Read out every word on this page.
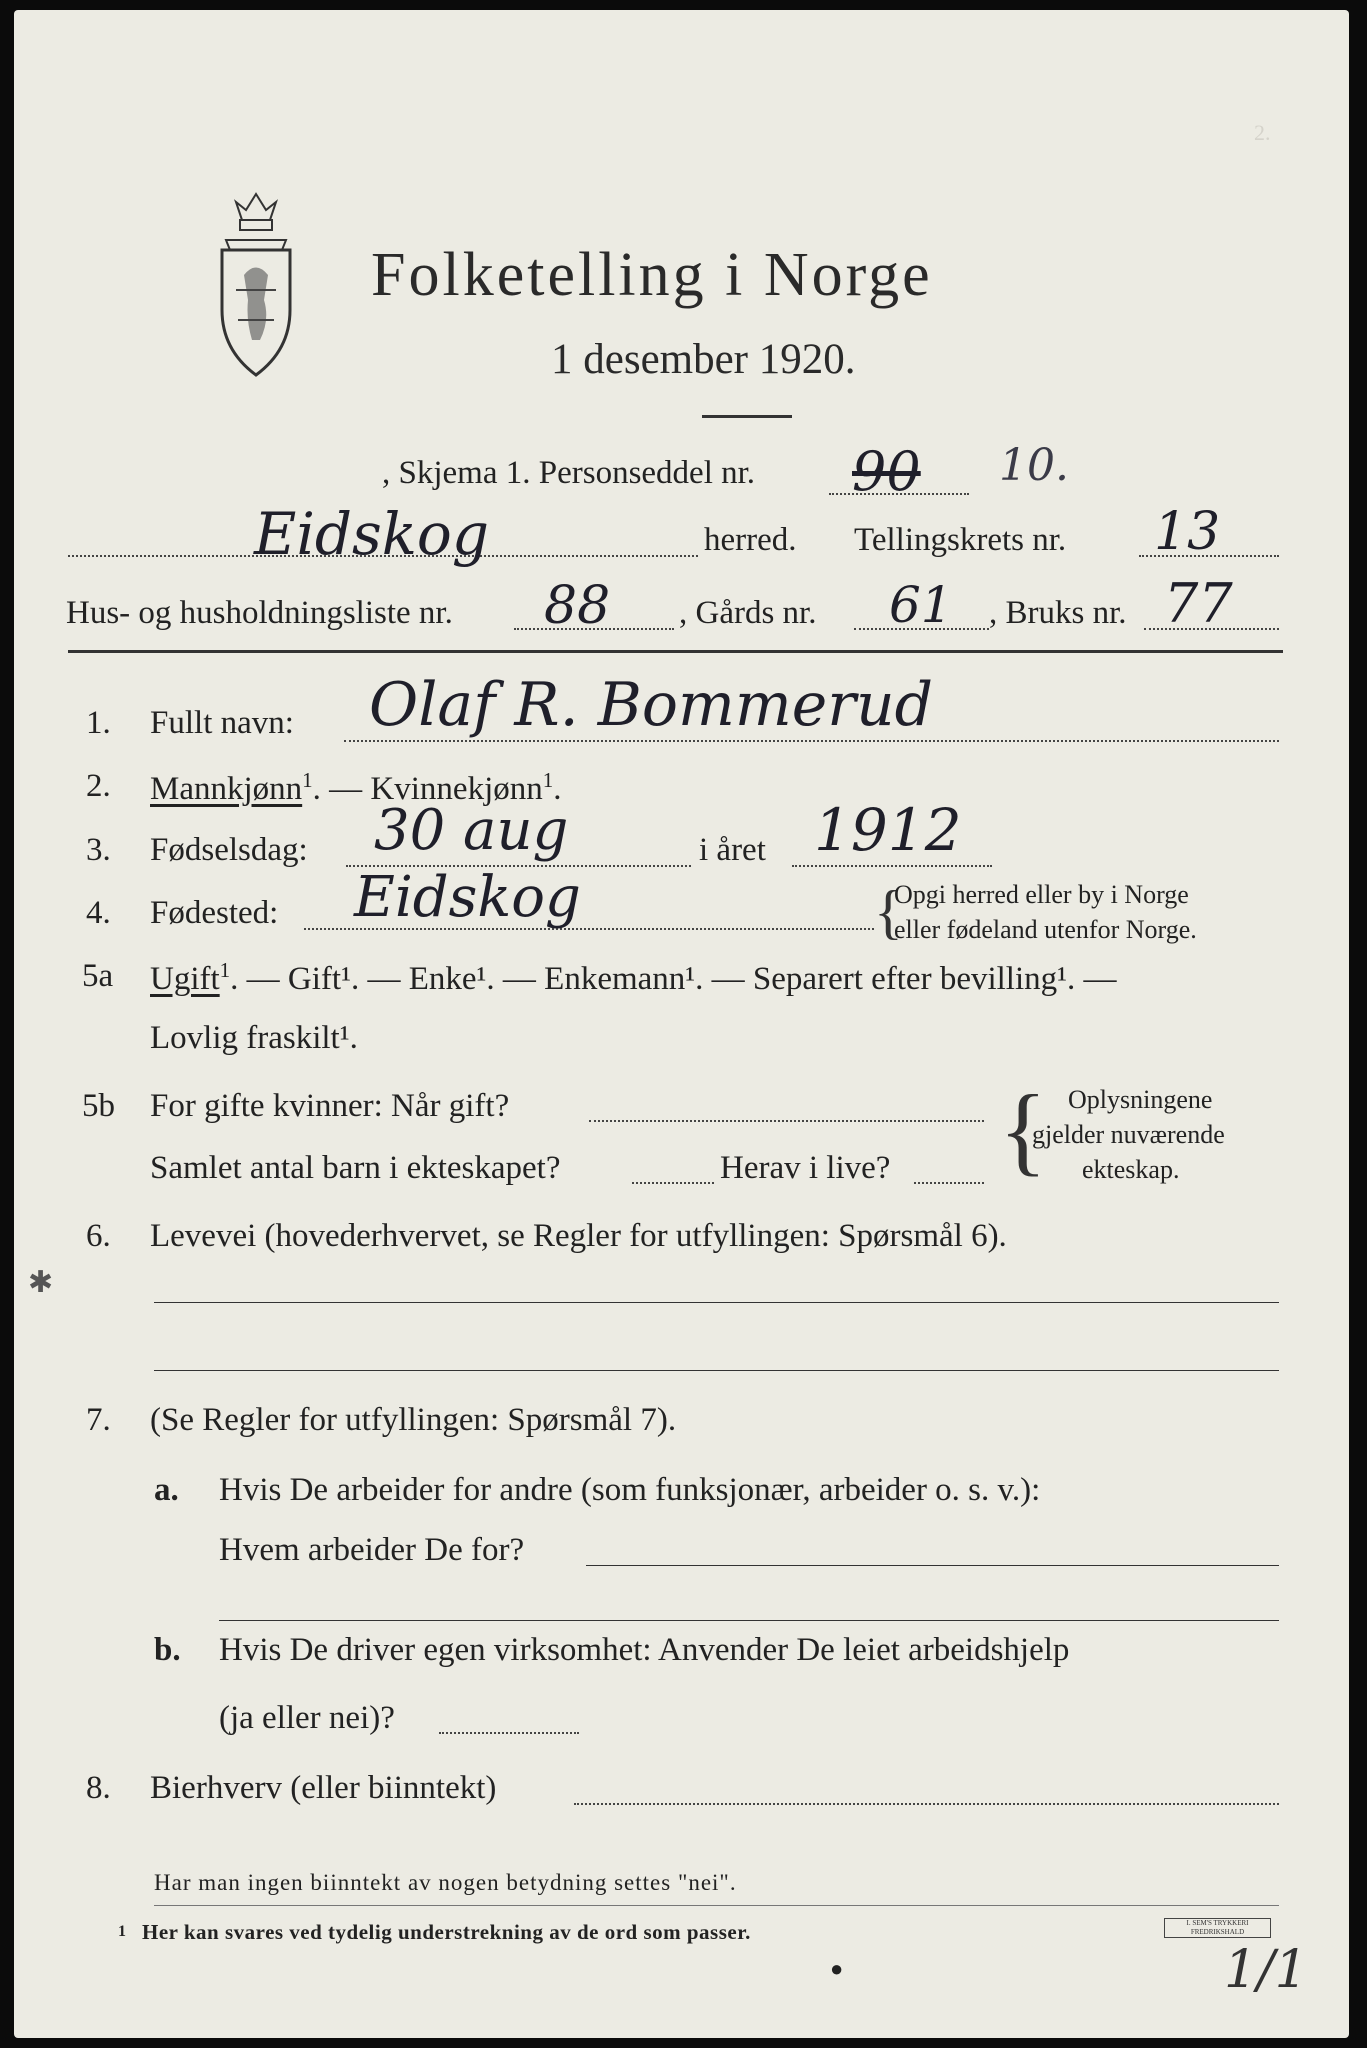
2.
Folketelling i Norge
1 desember 1920.
, Skjema 1. Personseddel nr. 90 10.
Eidskog	herred. Tellingskrets nr. 13
Hus- og husholdningsliste nr. 88 , Gårds nr. 61 , Bruks nr. 77
1. Fullt navn: Olaf R. Bommerud
2. Mannkjønn$^1$. — Kvinnekjønn$^1$.
3. Fødselsdag: 30 aug	i året 1912
4. Fødested: Eidskog	{
Opgi herred eller by i Norge
eller fødeland utenfor Norge.
5a Ugift$^1$. — Gift¹. — Enke¹. — Enkemann¹. — Separert efter bevilling¹. —
Lovlig fraskilt¹.
5b For gifte kvinner: Når gift?
Samlet antal barn i ekteskapet?	Herav i live? { Oplysningene
gjelder nuværende
ekteskap.
6. Levevei (hovederhvervet, se Regler for utfyllingen: Spørsmål 6).
✱
7. (Se Regler for utfyllingen: Spørsmål 7).
a. Hvis De arbeider for andre (som funksjonær, arbeider o. s. v.):
Hvem arbeider De for?
b. Hvis De driver egen virksomhet: Anvender De leiet arbeidshjelp
(ja eller nei)?
8. Bierhverv (eller biinntekt)
Har man ingen biinntekt av nogen betydning settes "nei".
1 Her kan svares ved tydelig understrekning av de ord som passer.	I. SEM'S TRYKKERI FREDRIKSHALD
●	1/1
